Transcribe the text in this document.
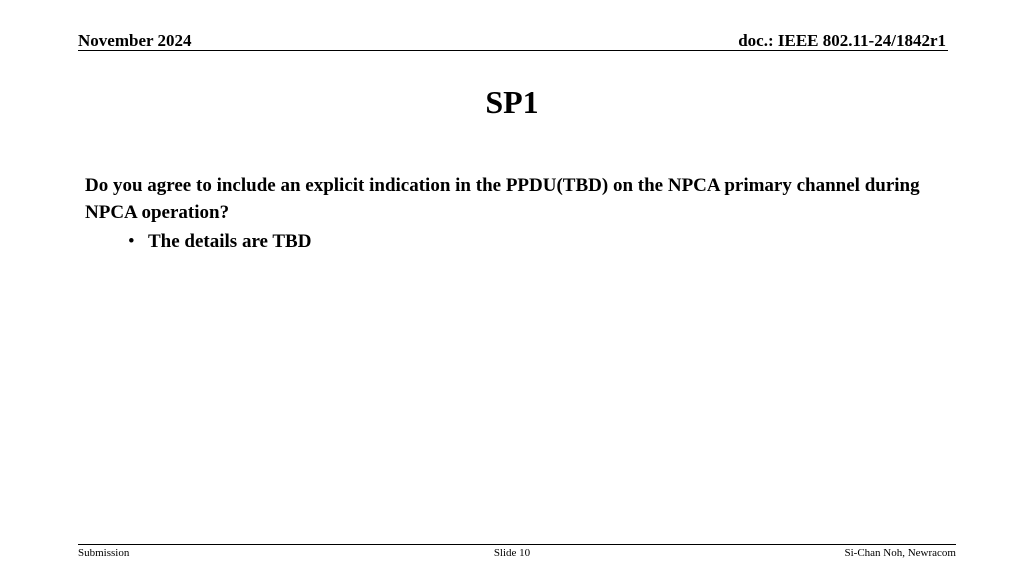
November 2024	doc.: IEEE 802.11-24/1842r1
SP1
Do you agree to include an explicit indication in the PPDU(TBD) on the NPCA primary channel during NPCA operation?
• The details are TBD
Submission	Slide 10	Si-Chan Noh, Newracom
